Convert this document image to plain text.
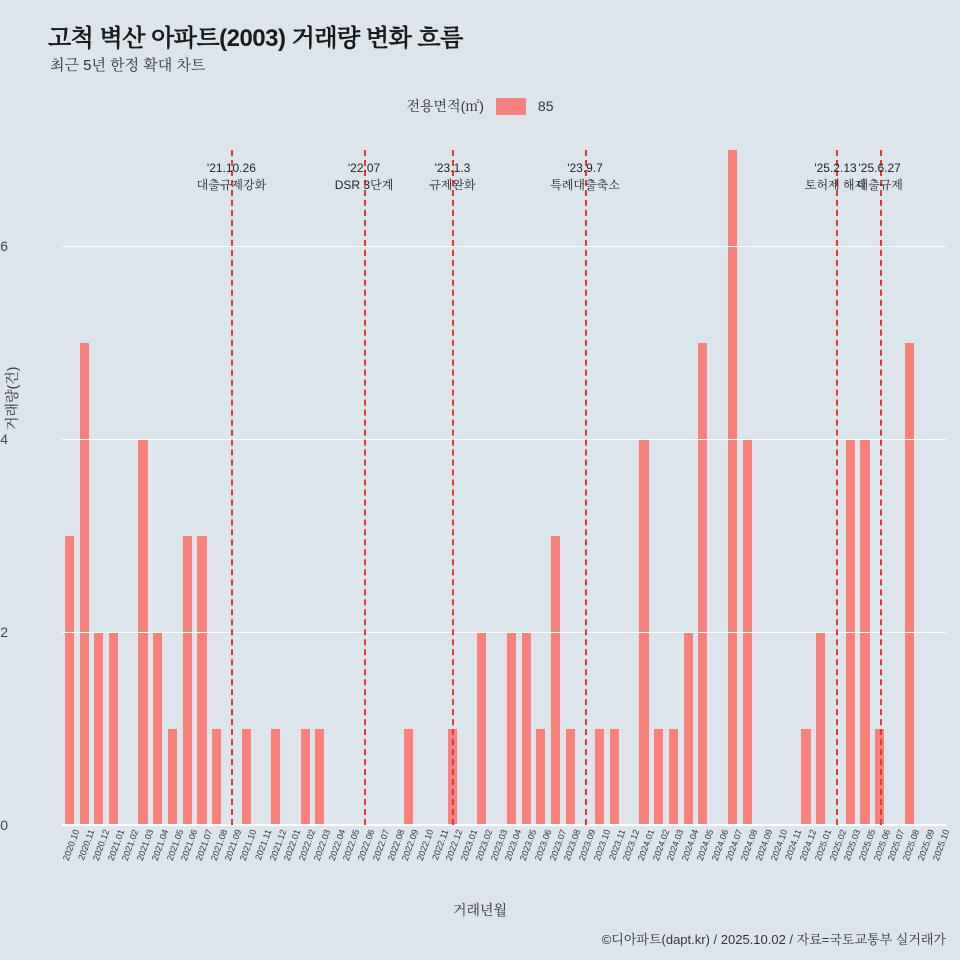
고척 벽산 아파트(2003) 거래량 변화 흐름
최근 5년 한정 확대 차트
전용면적(㎡)	85
거래량(건)
0
2
4
6
'21.10.26
대출규제강화
'22.07
DSR 3단계
'23.1.3
규제완화
'23.9.7
특례대출축소
'25.2.13
토허제 해제
'25.6.27
대출규제
2020.10
2020.11
2020.12
2021.01
2021.02
2021.03
2021.04
2021.05
2021.06
2021.07
2021.08
2021.09
2021.10
2021.11
2021.12
2022.01
2022.02
2022.03
2022.04
2022.05
2022.06
2022.07
2022.08
2022.09
2022.10
2022.11
2022.12
2023.01
2023.02
2023.03
2023.04
2023.05
2023.06
2023.07
2023.08
2023.09
2023.10
2023.11
2023.12
2024.01
2024.02
2024.03
2024.04
2024.05
2024.06
2024.07
2024.08
2024.09
2024.10
2024.11
2024.12
2025.01
2025.02
2025.03
2025.05
2025.06
2025.07
2025.08
2025.09
2025.10
거래년월
©디아파트(dapt.kr) / 2025.10.02 / 자료=국토교통부 실거래가
